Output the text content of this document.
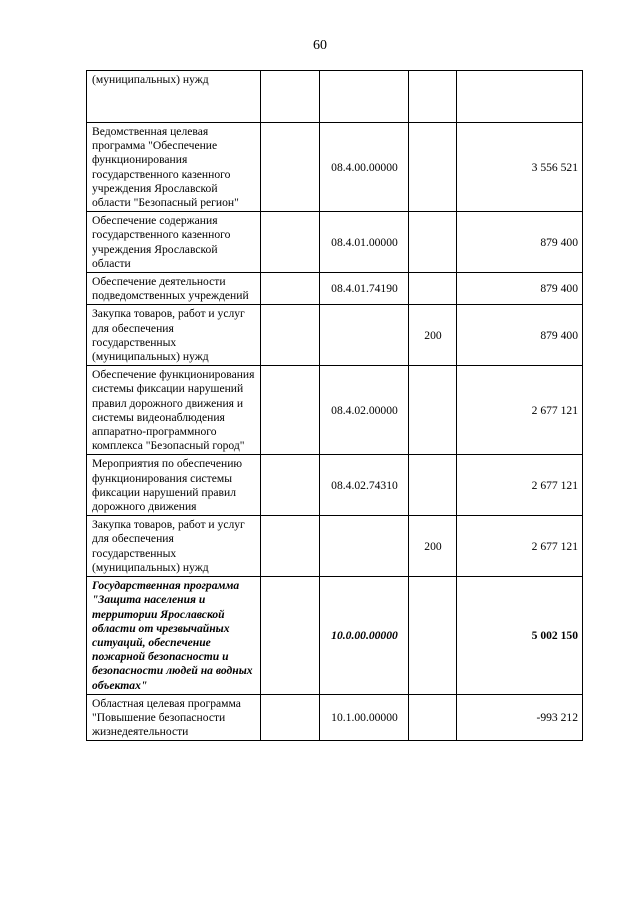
60
(муниципальных) нужд				
Ведомственная целевая программа "Обеспечение функционирования государственного казенного учреждения Ярославской области "Безопасный регион"		08.4.00.00000		3 556 521
Обеспечение содержания государственного казенного учреждения Ярославской области		08.4.01.00000		879 400
Обеспечение деятельности подведомственных учреждений		08.4.01.74190		879 400
Закупка товаров, работ и услуг для обеспечения государственных (муниципальных) нужд			200	879 400
Обеспечение функционирования системы фиксации нарушений правил дорожного движения и системы видеонаблюдения аппаратно-программного комплекса "Безопасный город"		08.4.02.00000		2 677 121
Мероприятия по обеспечению функционирования системы фиксации нарушений правил дорожного движения		08.4.02.74310		2 677 121
Закупка товаров, работ и услуг для обеспечения государственных (муниципальных) нужд			200	2 677 121
Государственная программа "Защита населения и территории Ярославской области от чрезвычайных ситуаций, обеспечение пожарной безопасности и безопасности людей на водных объектах"		10.0.00.00000		5 002 150
Областная целевая программа "Повышение безопасности жизнедеятельности		10.1.00.00000		-993 212
